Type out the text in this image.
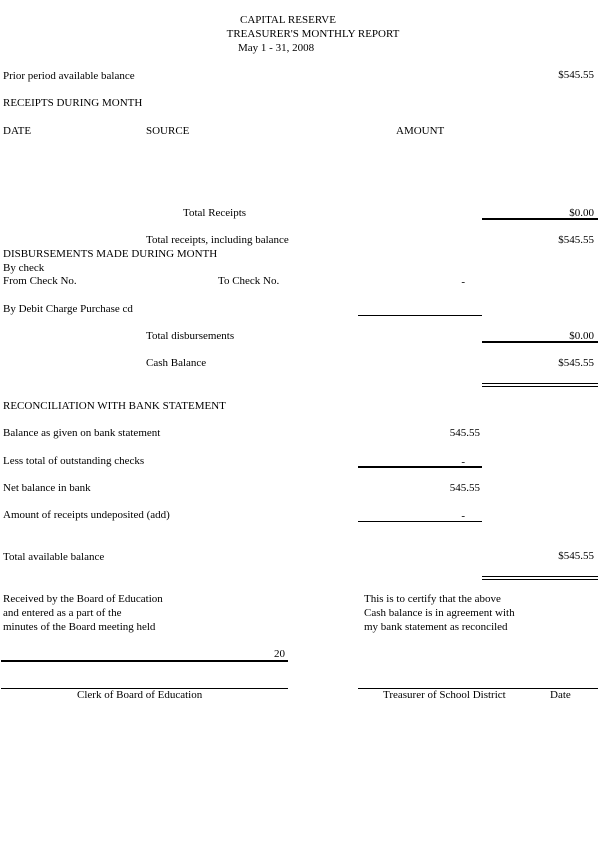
CAPITAL RESERVE
TREASURER'S MONTHLY REPORT
May 1 - 31, 2008
Prior period available balance	$545.55
RECEIPTS DURING MONTH
DATE	SOURCE	AMOUNT
Total Receipts	$0.00
Total receipts, including balance	$545.55
DISBURSEMENTS MADE DURING MONTH
By check
From Check No.	To Check No.	-
By Debit Charge Purchase cd
Total disbursements	$0.00
Cash Balance	$545.55
RECONCILIATION WITH BANK STATEMENT
Balance as given on bank statement	545.55
Less total of outstanding checks	-
Net balance in bank	545.55
Amount of receipts undeposited (add)	-
Total available balance	$545.55
Received by the Board of Education
and entered as a part of the
minutes of the Board meeting held
This is to certify that the above
Cash balance is in agreement with
my bank statement as reconciled
20
Clerk of Board of Education	Treasurer of School District	Date
